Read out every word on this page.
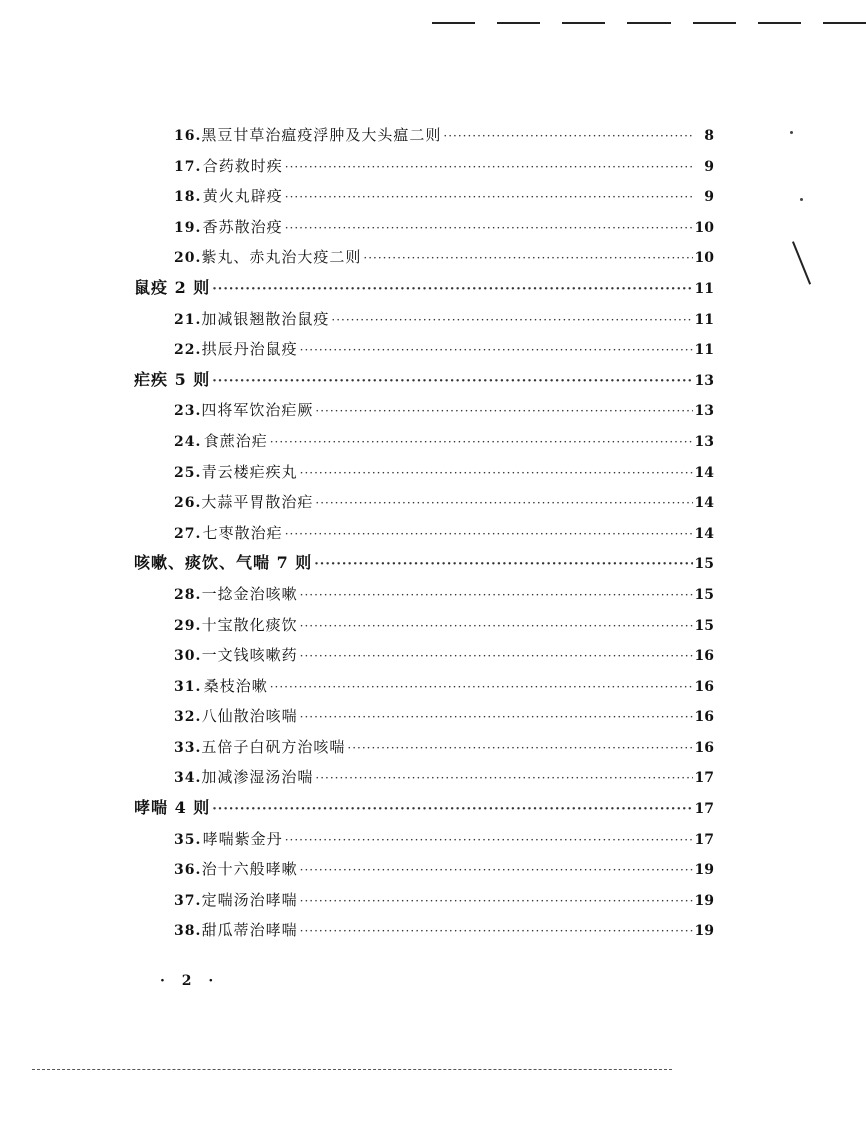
16. 黑豆甘草治瘟疫浮肿及大头瘟二则 ·····	8
17. 合药救时疾 ·····	9
18. 黄火丸辟疫 ·····	9
19. 香苏散治疫 ·····	10
20. 紫丸、赤丸治大疫二则 ·····	10
鼠疫 2 则 ·····	11
21. 加减银翘散治鼠疫 ·····	11
22. 拱辰丹治鼠疫 ·····	11
疟疾 5 则 ·····	13
23. 四将军饮治疟厥 ·····	13
24. 食蔗治疟 ·····	13
25. 青云楼疟疾丸 ·····	14
26. 大蒜平胃散治疟 ·····	14
27. 七枣散治疟 ·····	14
咳嗽、痰饮、气喘 7 则 ·····	15
28. 一捻金治咳嗽 ·····	15
29. 十宝散化痰饮 ·····	15
30. 一文钱咳嗽药 ·····	16
31. 桑枝治嗽 ·····	16
32. 八仙散治咳喘 ·····	16
33. 五倍子白矾方治咳喘 ·····	16
34. 加减渗湿汤治喘 ·····	17
哮喘 4 则 ·····	17
35. 哮喘紫金丹 ·····	17
36. 治十六般哮嗽 ·····	19
37. 定喘汤治哮喘 ·····	19
38. 甜瓜蒂治哮喘 ·····	19
· 2 ·
